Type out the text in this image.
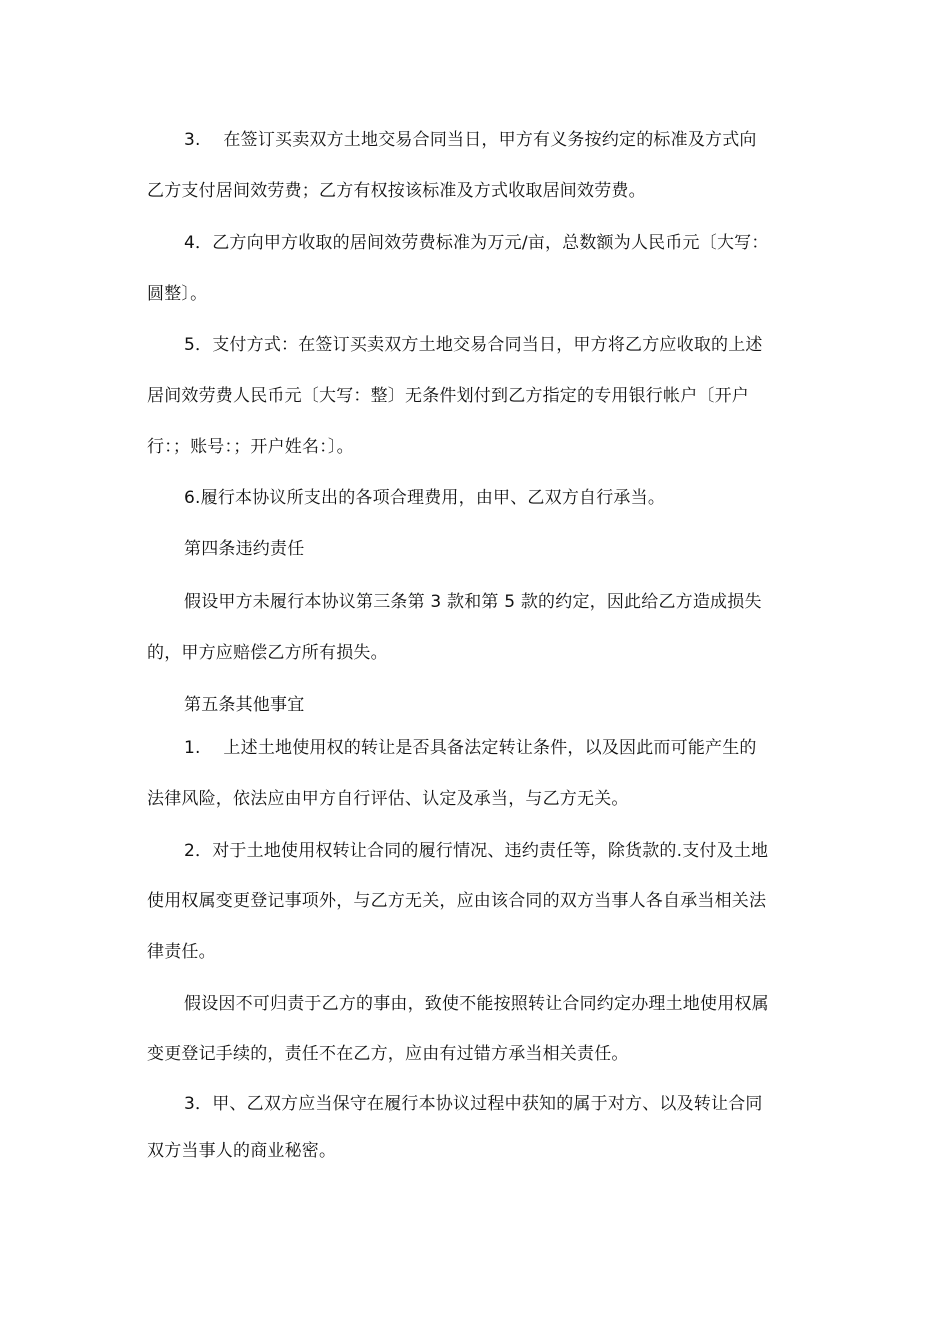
3.　 在签订买卖双方土地交易合同当日，甲方有义务按约定的标准及方式向
乙方支付居间效劳费；乙方有权按该标准及方式收取居间效劳费。
4．乙方向甲方收取的居间效劳费标准为万元/亩，总数额为人民币元〔大写：
圆整〕。
5．支付方式：在签订买卖双方土地交易合同当日，甲方将乙方应收取的上述
居间效劳费人民币元〔大写：整〕无条件划付到乙方指定的专用银行帐户〔开户
行：；账号：；开户姓名：〕。
6.履行本协议所支出的各项合理费用，由甲、乙双方自行承当。
第四条违约责任
假设甲方未履行本协议第三条第 3 款和第 5 款的约定，因此给乙方造成损失
的，甲方应赔偿乙方所有损失。
第五条其他事宜
1.　 上述土地使用权的转让是否具备法定转让条件，以及因此而可能产生的
法律风险，依法应由甲方自行评估、认定及承当，与乙方无关。
2．对于土地使用权转让合同的履行情况、违约责任等，除货款的.支付及土地
使用权属变更登记事项外，与乙方无关，应由该合同的双方当事人各自承当相关法
律责任。
假设因不可归责于乙方的事由，致使不能按照转让合同约定办理土地使用权属
变更登记手续的，责任不在乙方，应由有过错方承当相关责任。
3．甲、乙双方应当保守在履行本协议过程中获知的属于对方、以及转让合同
双方当事人的商业秘密。
